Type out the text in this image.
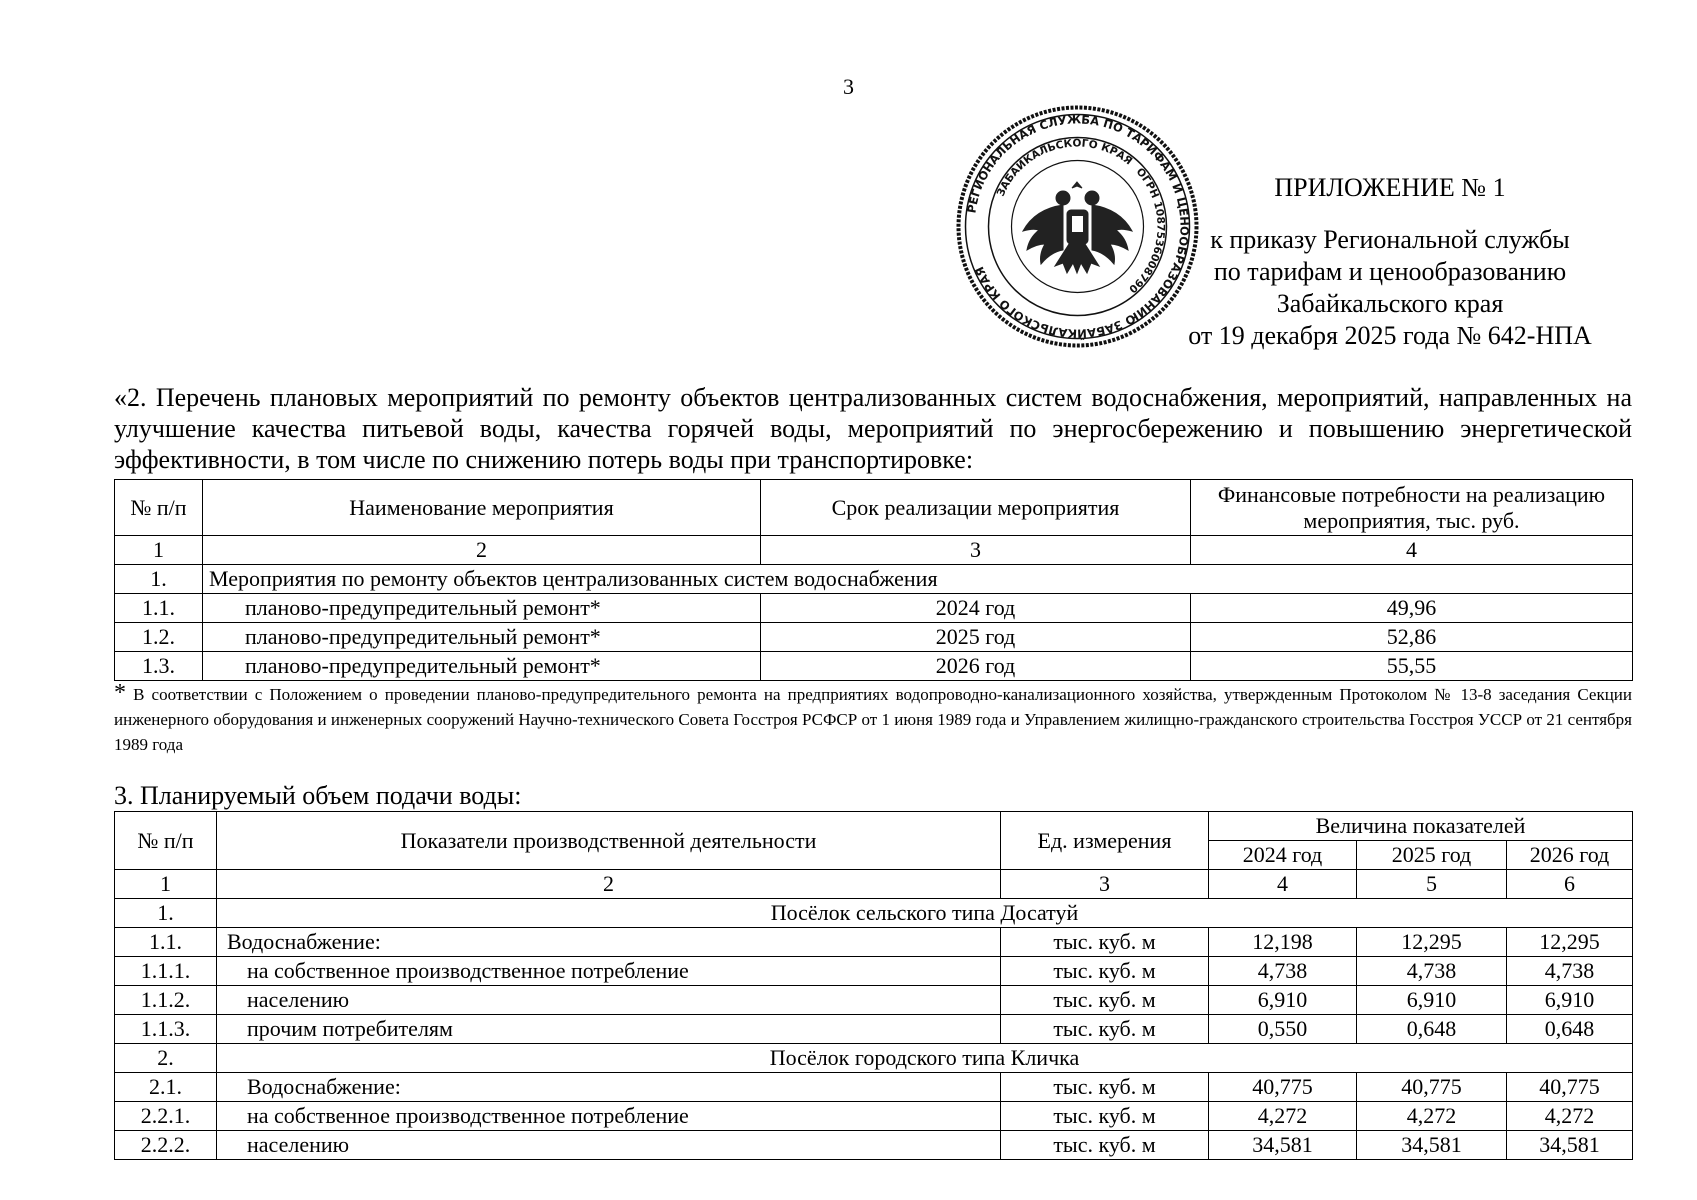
3
РЕГИОНАЛЬНАЯ СЛУЖБА ПО ТАРИФАМ И ЦЕНООБРАЗОВАНИЮ ЗАБАЙКАЛЬСКОГО КРАЯ
ЗАБАЙКАЛЬСКОГО КРАЯ
ОГРН 1087536008790
ПРИЛОЖЕНИЕ № 1
к приказу Региональной службы
по тарифам и ценообразованию
Забайкальского края
от 19 декабря 2025 года № 642-НПА
«2. Перечень плановых мероприятий по ремонту объектов централизованных систем водоснабжения, мероприятий, направленных на улучшение качества питьевой воды, качества горячей воды, мероприятий по энергосбережению и повышению энергетической эффективности, в том числе по снижению потерь воды при транспортировке:
№ п/п	Наименование мероприятия	Срок реализации мероприятия	Финансовые потребности на реализацию мероприятия, тыс. руб.
1	2	3	4
1.	Мероприятия по ремонту объектов централизованных систем водоснабжения		
1.1.	планово-предупредительный ремонт*	2024 год	49,96
1.2.	планово-предупредительный ремонт*	2025 год	52,86
1.3.	планово-предупредительный ремонт*	2026 год	55,55
* В соответствии с Положением о проведении планово-предупредительного ремонта на предприятиях водопроводно-канализационного хозяйства, утвержденным Протоколом № 13-8 заседания Секции инженерного оборудования и инженерных сооружений Научно-технического Совета Госстроя РСФСР от 1 июня 1989 года и Управлением жилищно-гражданского строительства Госстроя УССР от 21 сентября 1989 года
3. Планируемый объем подачи воды:
№ п/п	Показатели производственной деятельности	Ед. измерения	Величина показателей		
			2024 год	2025 год	2026 год
1	2	3	4	5	6
1.	Посёлок сельского типа Досатуй				
1.1.	Водоснабжение:	тыс. куб. м	12,198	12,295	12,295
1.1.1.	на собственное производственное потребление	тыс. куб. м	4,738	4,738	4,738
1.1.2.	населению	тыс. куб. м	6,910	6,910	6,910
1.1.3.	прочим потребителям	тыс. куб. м	0,550	0,648	0,648
2.	Посёлок городского типа Кличка				
2.1.	Водоснабжение:	тыс. куб. м	40,775	40,775	40,775
2.2.1.	на собственное производственное потребление	тыс. куб. м	4,272	4,272	4,272
2.2.2.	населению	тыс. куб. м	34,581	34,581	34,581
